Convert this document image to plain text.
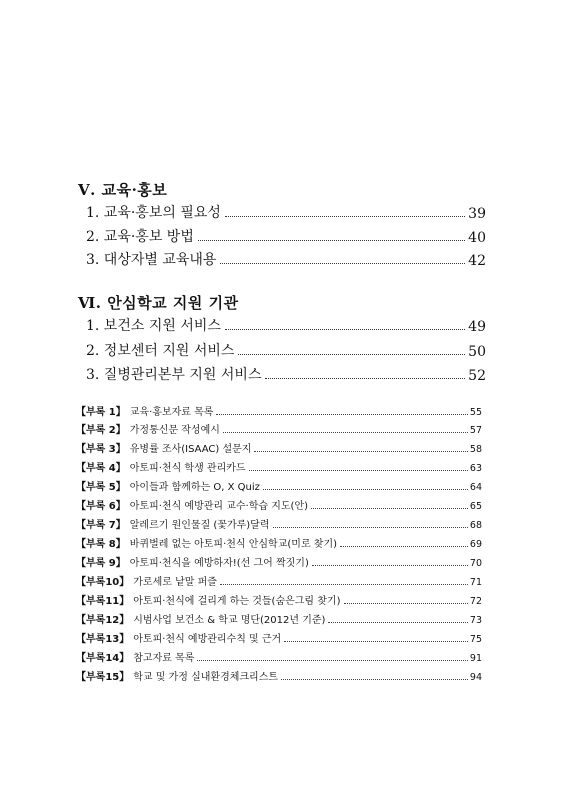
Ⅴ. 교육·홍보
1. 교육·홍보의 필요성	39
2. 교육·홍보 방법	40
3. 대상자별 교육내용	42
Ⅵ. 안심학교 지원 기관
1. 보건소 지원 서비스	49
2. 정보센터 지원 서비스	50
3. 질병관리본부 지원 서비스	52
【부록 1】 교육·홍보자료 목록	55
【부록 2】 가정통신문 작성예시	57
【부록 3】 유병률 조사(ISAAC) 설문지	58
【부록 4】 아토피·천식 학생 관리카드	63
【부록 5】 아이들과 함께하는 O, X Quiz	64
【부록 6】 아토피·천식 예방관리 교수·학습 지도(안)	65
【부록 7】 알레르기 원인물질 (꽃가루)달력	68
【부록 8】 바퀴벌레 없는 아토피·천식 안심학교(미로 찾기)	69
【부록 9】 아토피·천식을 예방하자!(선 그어 짝짓기)	70
【부록10】 가로세로 낱말 퍼즐	71
【부록11】 아토피·천식에 걸리게 하는 것들(숨은그림 찾기)	72
【부록12】 시범사업 보건소 & 학교 명단(2012년 기준)	73
【부록13】 아토피·천식 예방관리수칙 및 근거	75
【부록14】 참고자료 목록	91
【부록15】 학교 및 가정 실내환경체크리스트	94
